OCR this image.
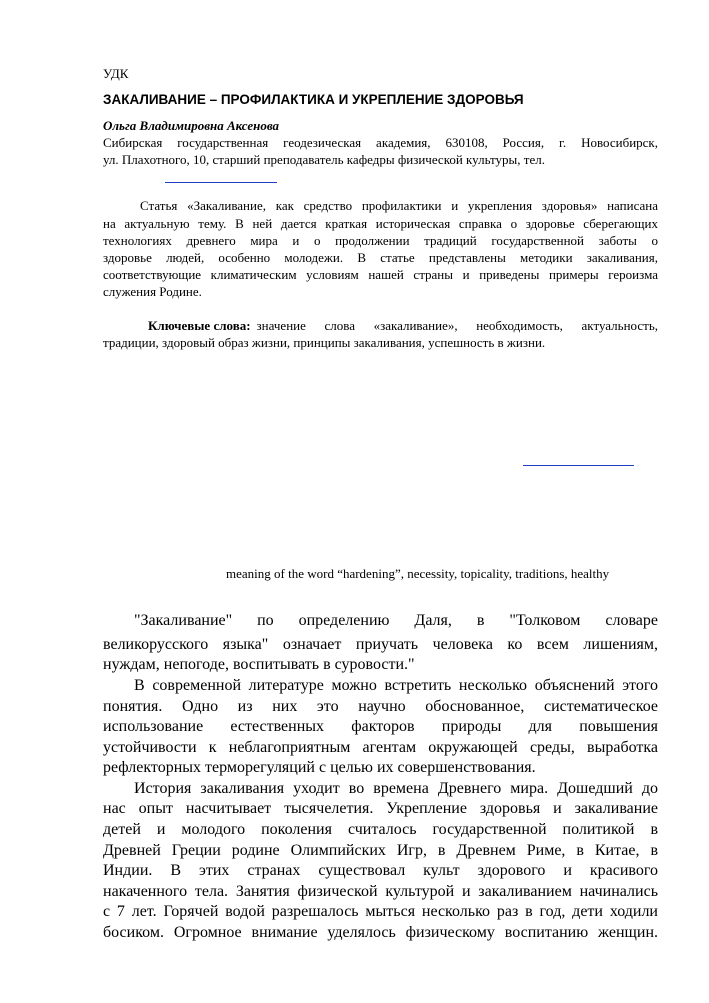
УДК
ЗАКАЛИВАНИЕ – ПРОФИЛАКТИКА И УКРЕПЛЕНИЕ ЗДОРОВЬЯ
Ольга Владимировна Аксенова
Сибирская государственная геодезическая академия, 630108, Россия, г. Новосибирск,
ул. Плахотного, 10, старший преподаватель кафедры физической культуры, тел.
Статья «Закаливание, как средство профилактики и укрепления здоровья» написана
на актуальную тему. В ней дается краткая историческая справка о здоровье сберегающих
технологиях древнего мира и о продолжении традиций государственной заботы о
здоровье людей, особенно молодежи. В статье представлены методики закаливания,
соответствующие климатическим условиям нашей страны и приведены примеры героизма
служения Родине.
Ключевые слова: значение слова «закаливание», необходимость, актуальность,
традиции, здоровый образ жизни, принципы закаливания, успешность в жизни.
meaning of the word “hardening”, necessity, topicality, traditions, healthy
"Закаливание" по определению Даля, в "Толковом словаре
великорусского языка" означает приучать человека ко всем лишениям,
нуждам, непогоде, воспитывать в суровости."
В современной литературе можно встретить несколько объяснений этого
понятия. Одно из них это научно обоснованное, систематическое
использование естественных факторов природы для повышения
устойчивости к неблагоприятным агентам окружающей среды, выработка
рефлекторных терморегуляций с целью их совершенствования.
История закаливания уходит во времена Древнего мира. Дошедший до
нас опыт насчитывает тысячелетия. Укрепление здоровья и закаливание
детей и молодого поколения считалось государственной политикой в
Древней Греции родине Олимпийских Игр, в Древнем Риме, в Китае, в
Индии. В этих странах существовал культ здорового и красивого
накаченного тела. Занятия физической культурой и закаливанием начинались
с 7 лет. Горячей водой разрешалось мыться несколько раз в год, дети ходили
босиком. Огромное внимание уделялось физическому воспитанию женщин.
